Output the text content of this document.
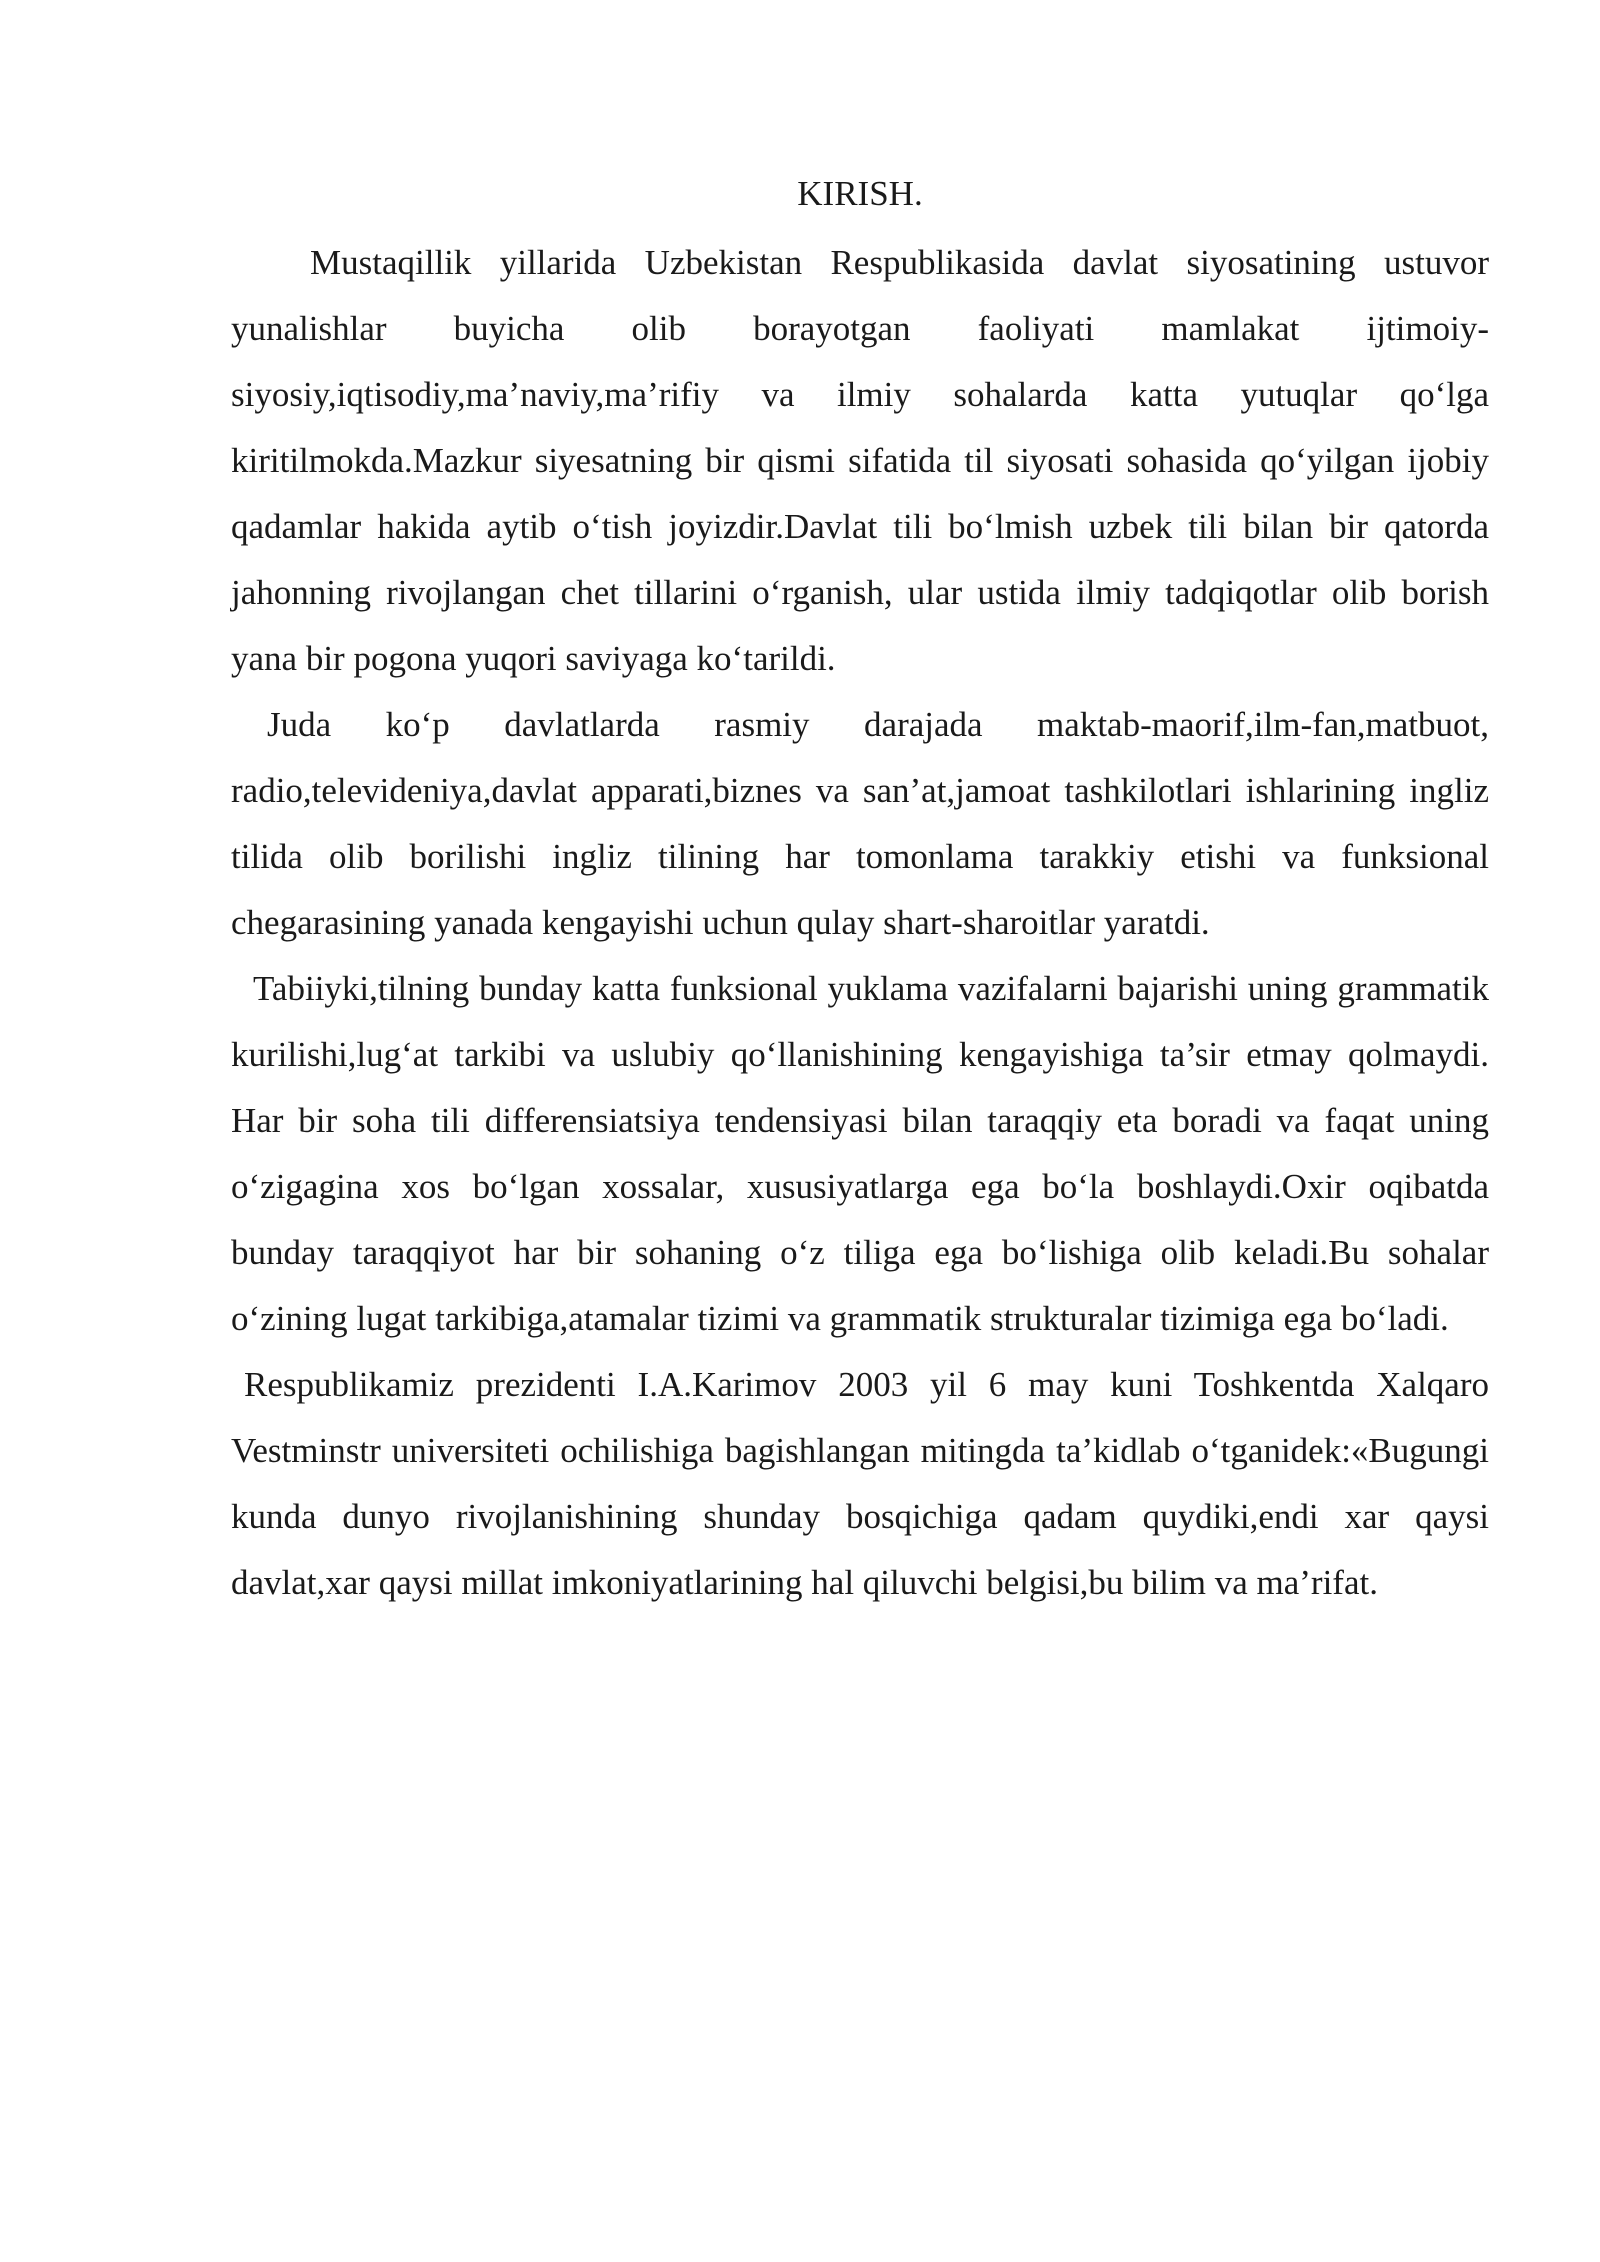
KIRISH.

Mustaqillik yillarida Uzbekistan Respublikasida davlat siyosatining ustuvor yunalishlar buyicha olib borayotgan faoliyati mamlakat ijtimoiy-siyosiy,iqtisodiy,ma’naviy,ma’rifiy va ilmiy sohalarda katta yutuqlar qo‘lga kiritilmokda.Mazkur siyesatning bir qismi sifatida til siyosati sohasida qo‘yilgan ijobiy qadamlar hakida aytib o‘tish joyizdir.Davlat tili bo‘lmish uzbek tili bilan bir qatorda jahonning rivojlangan chet tillarini o‘rganish, ular ustida ilmiy tadqiqotlar olib borish yana bir pogona yuqori saviyaga ko‘tarildi.

Juda ko‘p davlatlarda rasmiy darajada maktab-maorif,ilm-fan,matbuot, radio,televideniya,davlat apparati,biznes va san’at,jamoat tashkilotlari ishlarining ingliz tilida olib borilishi ingliz tilining har tomonlama tarakkiy etishi va funksional chegarasining yanada kengayishi uchun qulay shart-sharoitlar yaratdi.

Tabiiyki,tilning bunday katta funksional yuklama vazifalarni bajarishi uning grammatik kurilishi,lug‘at tarkibi va uslubiy qo‘llanishining kengayishiga ta’sir etmay qolmaydi. Har bir soha tili differensiatsiya tendensiyasi bilan taraqqiy eta boradi va faqat uning o‘zigagina xos bo‘lgan xossalar, xususiyatlarga ega bo‘la boshlaydi.Oxir oqibatda bunday taraqqiyot har bir sohaning o‘z tiliga ega bo‘lishiga olib keladi.Bu sohalar o‘zining lugat tarkibiga,atamalar tizimi va grammatik strukturalar tizimiga ega bo‘ladi.

Respublikamiz prezidenti I.A.Karimov 2003 yil 6 may kuni Toshkentda Xalqaro Vestminstr universiteti ochilishiga bagishlangan mitingda ta’kidlab o‘tganidek:«Bugungi kunda dunyo rivojlanishining shunday bosqichiga qadam quydiki,endi xar qaysi davlat,xar qaysi millat imkoniyatlarining hal qiluvchi belgisi,bu bilim va ma’rifat.
